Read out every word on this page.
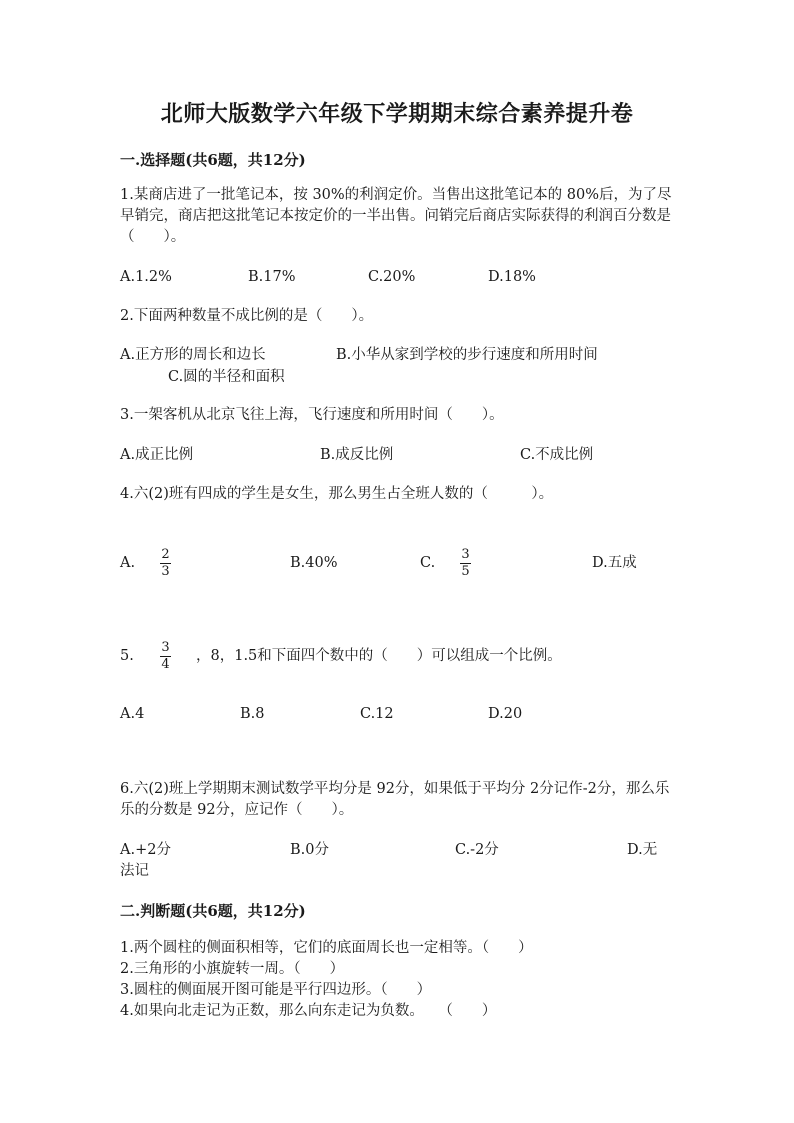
北师大版数学六年级下学期期末综合素养提升卷
一.选择题(共6题，共12分)
1.某商店进了一批笔记本，按 30%的利润定价。当售出这批笔记本的 80%后，为了尽早销完，商店把这批笔记本按定价的一半出售。问销完后商店实际获得的利润百分数是（　　）。
A.1.2%	B.17%	C.20%	D.18%
2.下面两种数量不成比例的是（　　）。
A.正方形的周长和边长	B.小华从家到学校的步行速度和所用时间
C.圆的半径和面积
3.一架客机从北京飞往上海，飞行速度和所用时间（　　）。
A.成正比例	B.成反比例	C.不成比例
4.六(2)班有四成的学生是女生，那么男生占全班人数的（　　　）。
A.
2
3
B.40%	C.
3
5
D.五成
5.
3
4
，8，1.5和下面四个数中的（　　）可以组成一个比例。
A.4	B.8	C.12	D.20
6.六(2)班上学期期末测试数学平均分是 92分，如果低于平均分 2分记作-2分，那么乐乐的分数是 92分，应记作（　　）。
A.+2分	B.0分	C.-2分	D.无
法记
二.判断题(共6题，共12分)
1.两个圆柱的侧面积相等，它们的底面周长也一定相等。（　　）
2.三角形的小旗旋转一周。（　　）
3.圆柱的侧面展开图可能是平行四边形。（　　）
4.如果向北走记为正数，那么向东走记为负数。　　（　　）
